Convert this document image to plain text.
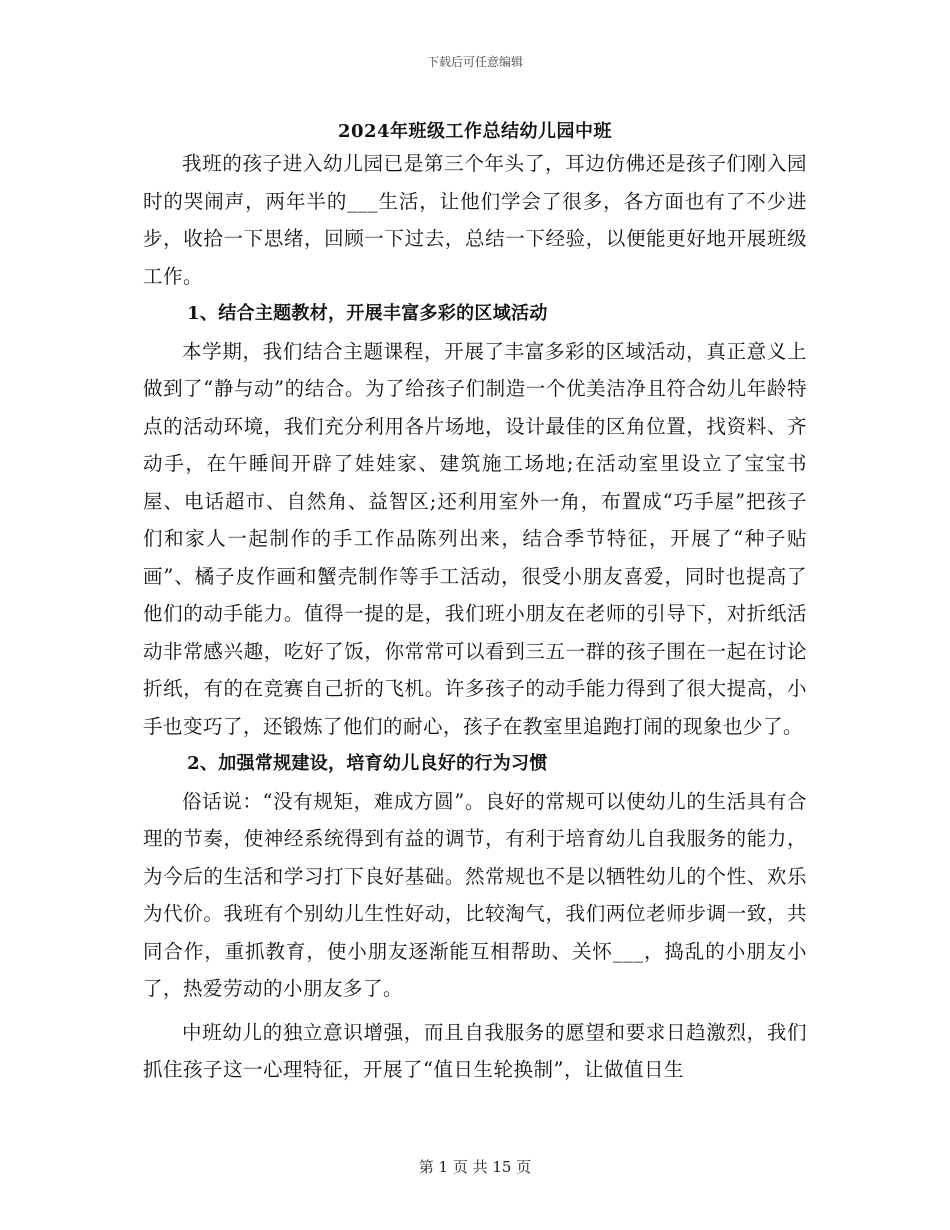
下载后可任意编辑
2024年班级工作总结幼儿园中班

我班的孩子进入幼儿园已是第三个年头了，耳边仿佛还是孩子们刚入园时的哭闹声，两年半的___生活，让他们学会了很多，各方面也有了不少进步，收拾一下思绪，回顾一下过去，总结一下经验，以便能更好地开展班级工作。

1、结合主题教材，开展丰富多彩的区域活动

本学期，我们结合主题课程，开展了丰富多彩的区域活动，真正意义上做到了“静与动”的结合。为了给孩子们制造一个优美洁净且符合幼儿年龄特点的活动环境，我们充分利用各片场地，设计最佳的区角位置，找资料、齐动手，在午睡间开辟了娃娃家、建筑施工场地;在活动室里设立了宝宝书屋、电话超市、自然角、益智区;还利用室外一角，布置成“巧手屋”把孩子们和家人一起制作的手工作品陈列出来，结合季节特征，开展了“种子贴画”、橘子皮作画和蟹壳制作等手工活动，很受小朋友喜爱，同时也提高了他们的动手能力。值得一提的是，我们班小朋友在老师的引导下，对折纸活动非常感兴趣，吃好了饭，你常常可以看到三五一群的孩子围在一起在讨论折纸，有的在竞赛自己折的飞机。许多孩子的动手能力得到了很大提高，小手也变巧了，还锻炼了他们的耐心，孩子在教室里追跑打闹的现象也少了。

2、加强常规建设，培育幼儿良好的行为习惯

俗话说：“没有规矩，难成方圆”。良好的常规可以使幼儿的生活具有合理的节奏，使神经系统得到有益的调节，有利于培育幼儿自我服务的能力，为今后的生活和学习打下良好基础。然常规也不是以牺牲幼儿的个性、欢乐为代价。我班有个别幼儿生性好动，比较淘气，我们两位老师步调一致，共同合作，重抓教育，使小朋友逐渐能互相帮助、关怀___，捣乱的小朋友小了，热爱劳动的小朋友多了。

中班幼儿的独立意识增强，而且自我服务的愿望和要求日趋激烈，我们抓住孩子这一心理特征，开展了“值日生轮换制”，让做值日生

第 1 页 共 15 页
